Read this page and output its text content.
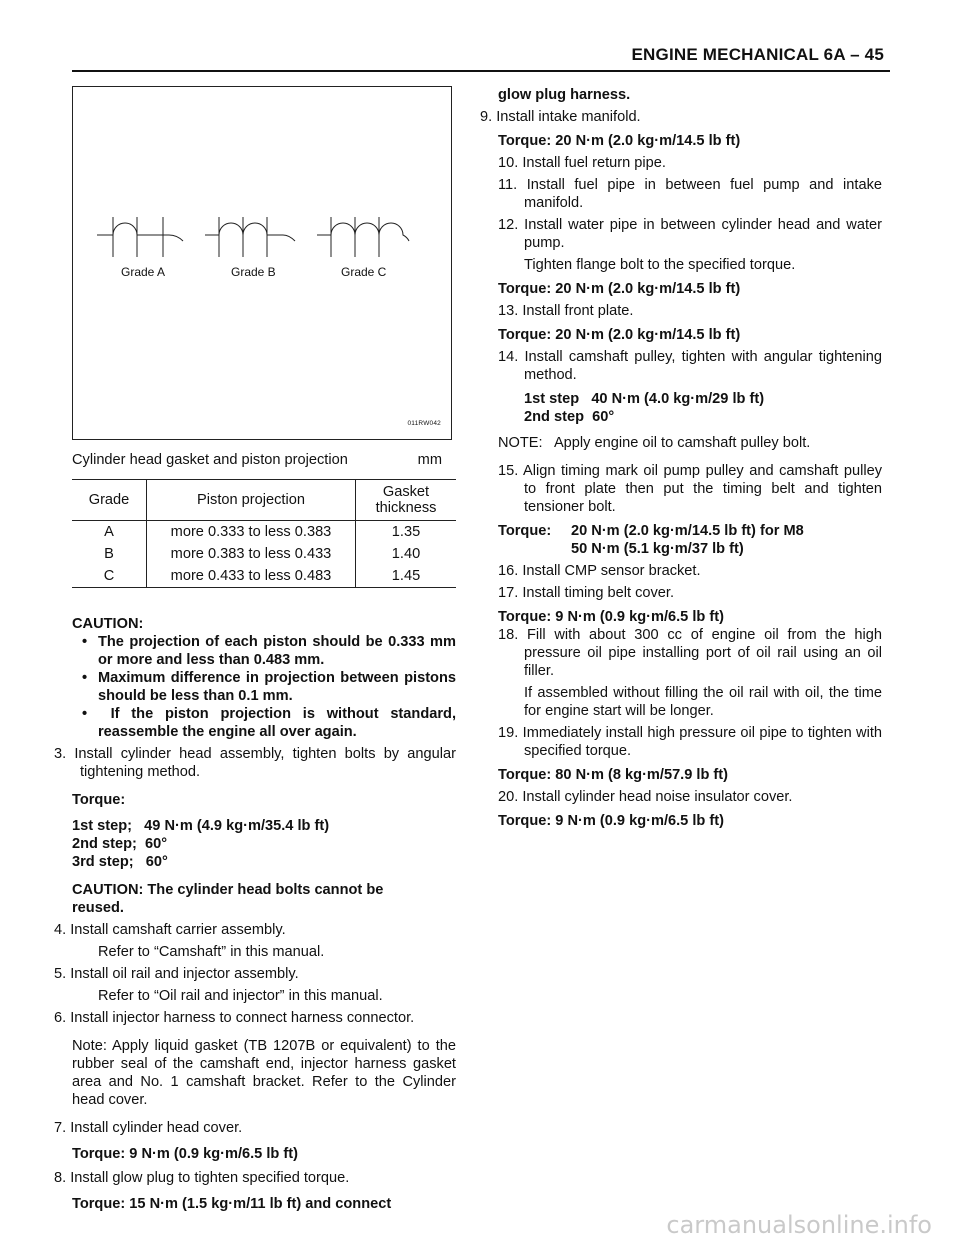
ENGINE MECHANICAL 6A – 45
Grade A	Grade B	Grade C
011RW042
Cylinder head gasket and piston projection	mm
Grade	Piston projection	Gasket
thickness
A	more 0.333 to less 0.383	1.35
B	more 0.383 to less 0.433	1.40
C	more 0.433 to less 0.483	1.45

CAUTION:

•  The projection of each piston should be 0.333 mm or more and less than 0.483 mm.

•  Maximum difference in projection between pistons should be less than 0.1 mm.

•  If the piston projection is without standard, reassemble the engine all over again.

3. Install cylinder head assembly, tighten bolts by angular tightening method.

Torque:

1st step;   49 N·m (4.9 kg·m/35.4 lb ft)

2nd step;  60°

3rd step;   60°

CAUTION: The cylinder head bolts cannot be reused.

4. Install camshaft carrier assembly.

Refer to “Camshaft” in this manual.

5. Install oil rail and injector assembly.

Refer to “Oil rail and injector” in this manual.

6. Install injector harness to connect harness connector.

Note: Apply liquid gasket (TB 1207B or equivalent) to the rubber seal of the camshaft end, injector harness gasket area and No. 1 camshaft bracket. Refer to the Cylinder head cover.

7. Install cylinder head cover.

Torque: 9 N·m (0.9 kg·m/6.5 lb ft)

8. Install glow plug to tighten specified torque.

Torque: 15 N·m (1.5 kg·m/11 lb ft) and connect

glow plug harness.

9. Install intake manifold.

Torque: 20 N·m (2.0 kg·m/14.5 lb ft)

10. Install fuel return pipe.

11. Install fuel pipe in between fuel pump and intake manifold.

12. Install water pipe in between cylinder head and water pump.

Tighten flange bolt to the specified torque.

Torque: 20 N·m (2.0 kg·m/14.5 lb ft)

13. Install front plate.

Torque: 20 N·m (2.0 kg·m/14.5 lb ft)

14. Install camshaft pulley, tighten with angular tightening method.

1st step   40 N·m (4.0 kg·m/29 lb ft)

2nd step  60°

NOTE:   Apply engine oil to camshaft pulley bolt.

15. Align timing mark oil pump pulley and camshaft pulley to front plate then put the timing belt and tighten tensioner bolt.

Torque:	20 N·m (2.0 kg·m/14.5 lb ft) for M8
50 N·m (5.1 kg·m/37 lb ft)

16. Install CMP sensor bracket.

17. Install timing belt cover.

Torque: 9 N·m (0.9 kg·m/6.5 lb ft)

18. Fill with about 300 cc of engine oil from the high pressure oil pipe installing port of oil rail using an oil filler.

If assembled without filling the oil rail with oil, the time for engine start will be longer.

19. Immediately install high pressure oil pipe to tighten with specified torque.

Torque: 80 N·m (8 kg·m/57.9 lb ft)

20. Install cylinder head noise insulator cover.

Torque: 9 N·m (0.9 kg·m/6.5 lb ft)

carmanualsonline.info
